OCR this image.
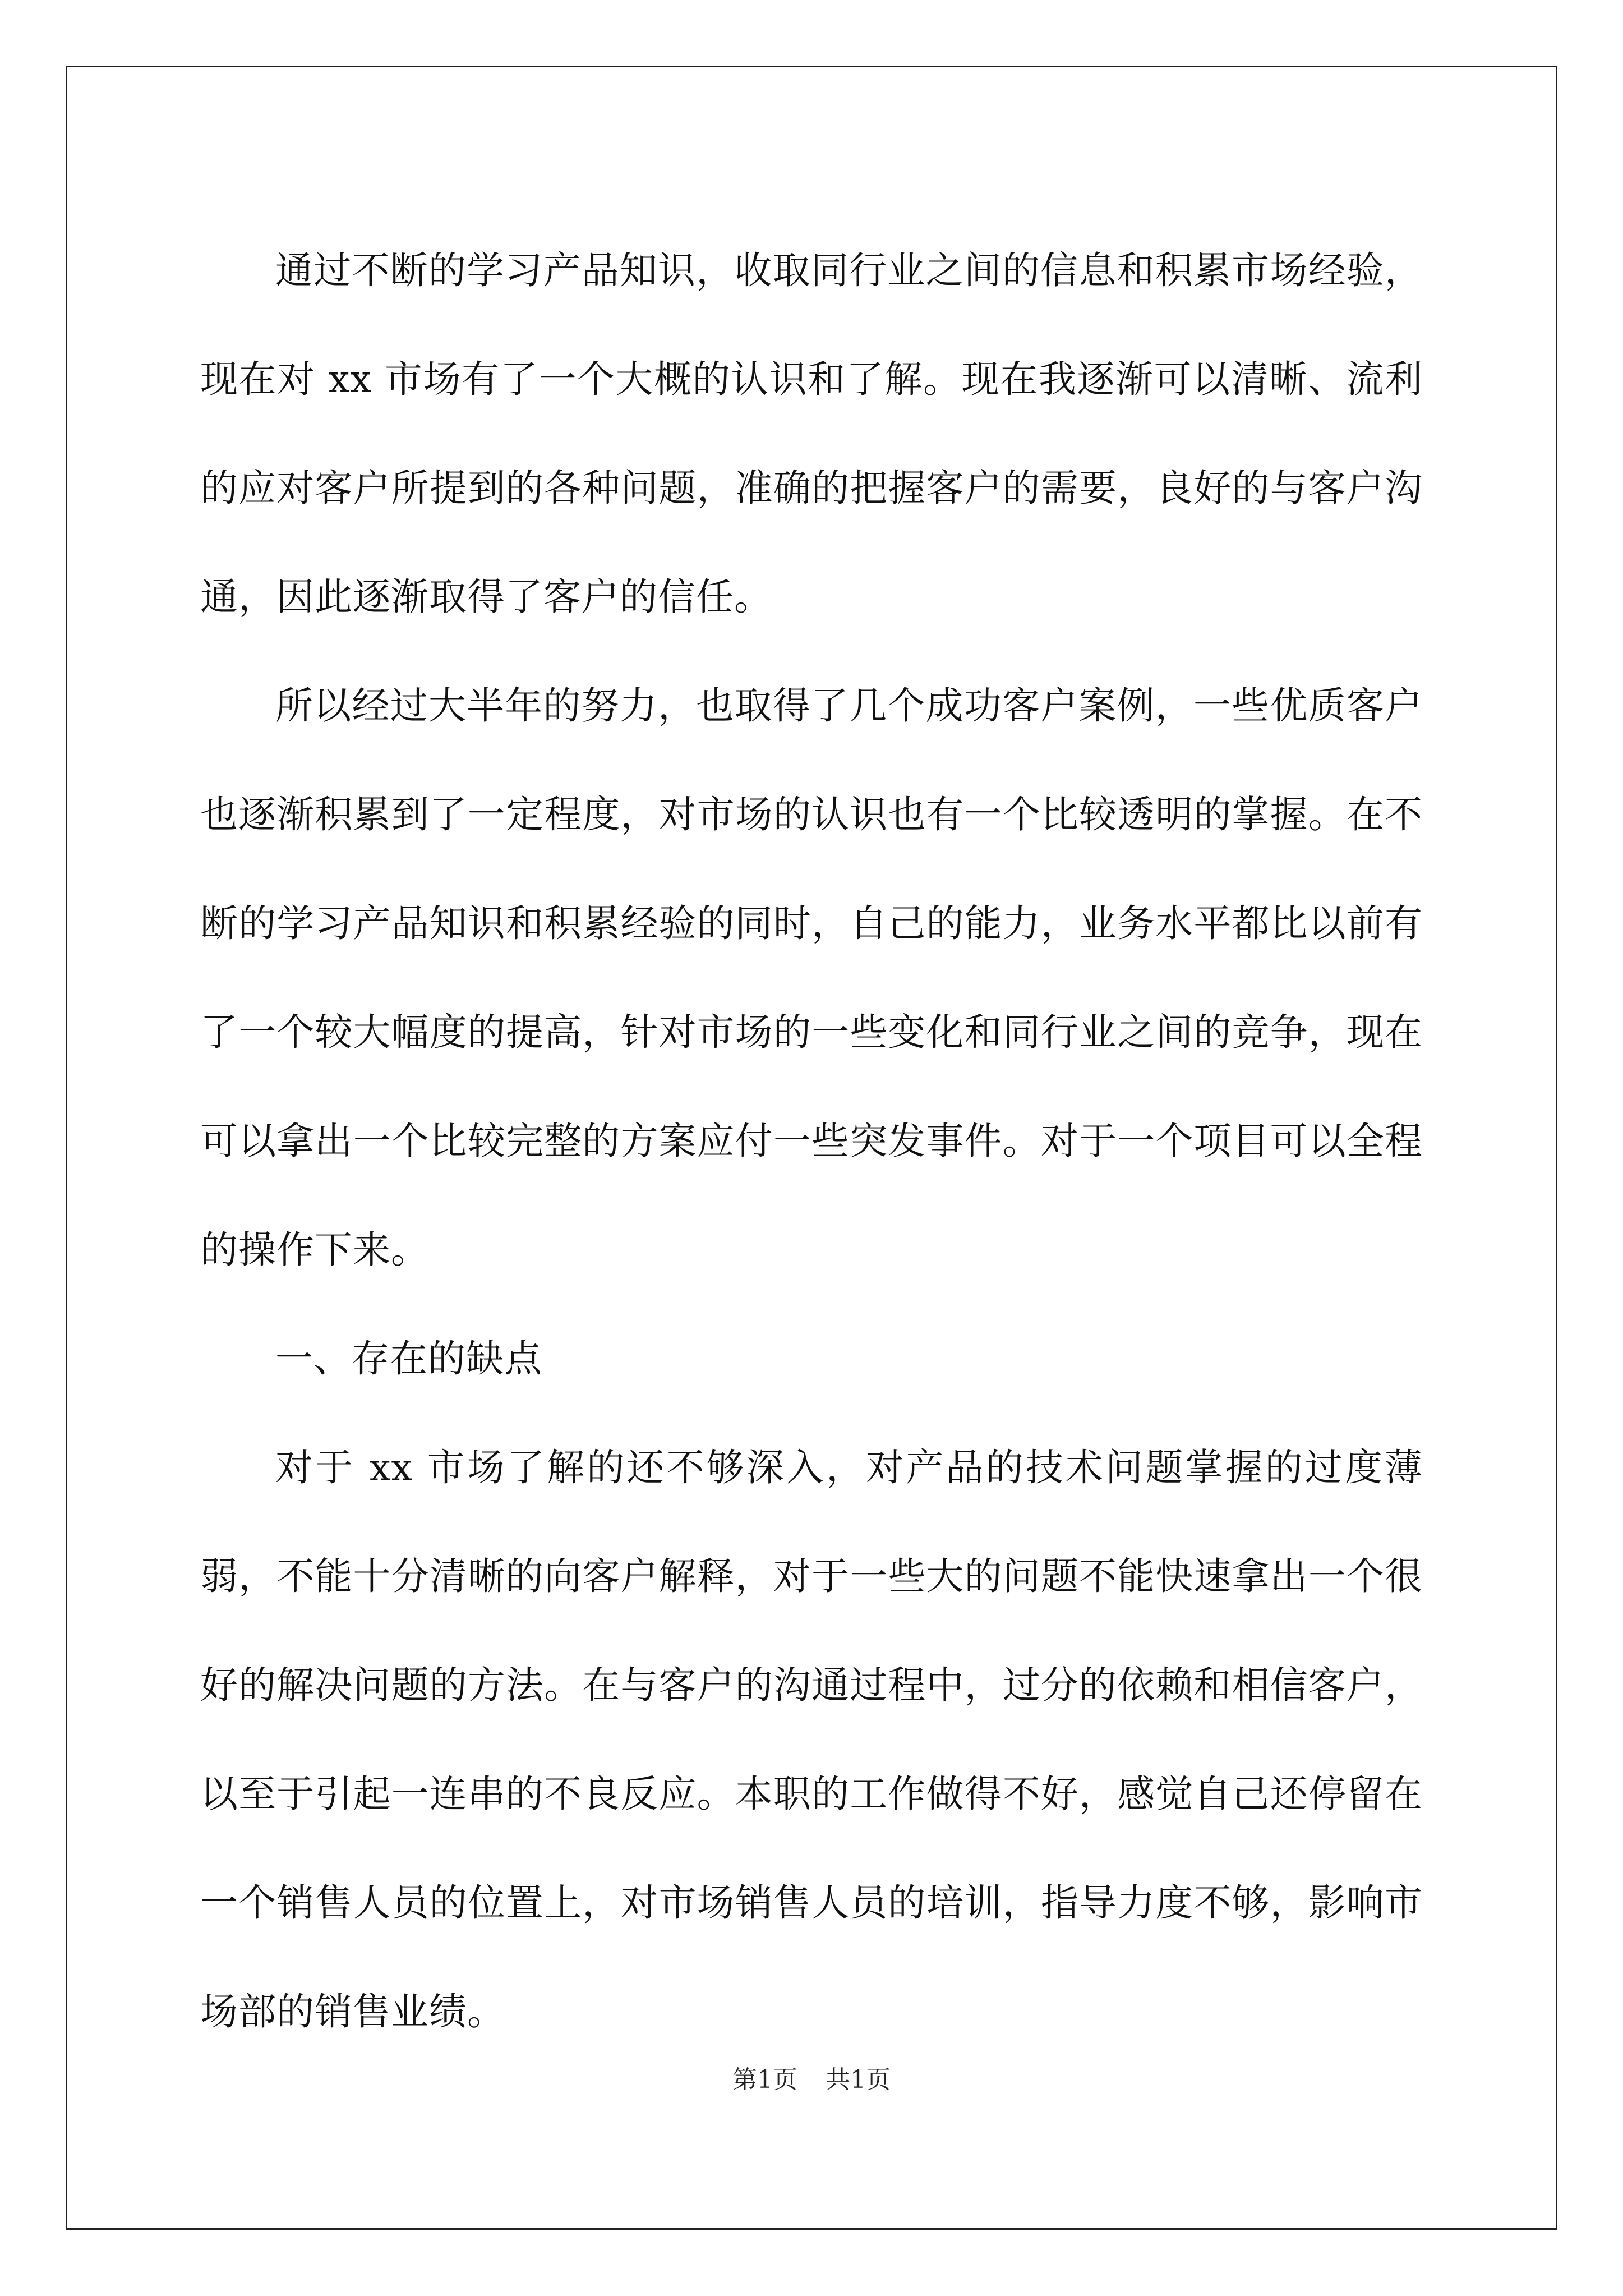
通过不断的学习产品知识，收取同行业之间的信息和积累市场经验，现在对 xx 市场有了一个大概的认识和了解。现在我逐渐可以清晰、流利的应对客户所提到的各种问题，准确的把握客户的需要，良好的与客户沟通，因此逐渐取得了客户的信任。

所以经过大半年的努力，也取得了几个成功客户案例，一些优质客户也逐渐积累到了一定程度，对市场的认识也有一个比较透明的掌握。在不断的学习产品知识和积累经验的同时，自己的能力，业务水平都比以前有了一个较大幅度的提高，针对市场的一些变化和同行业之间的竞争，现在可以拿出一个比较完整的方案应付一些突发事件。对于一个项目可以全程的操作下来。

一、存在的缺点

对于 xx 市场了解的还不够深入，对产品的技术问题掌握的过度薄弱，不能十分清晰的向客户解释，对于一些大的问题不能快速拿出一个很好的解决问题的方法。在与客户的沟通过程中，过分的依赖和相信客户，以至于引起一连串的不良反应。本职的工作做得不好，感觉自己还停留在一个销售人员的位置上，对市场销售人员的培训，指导力度不够，影响市场部的销售业绩。

第1页 共1页
